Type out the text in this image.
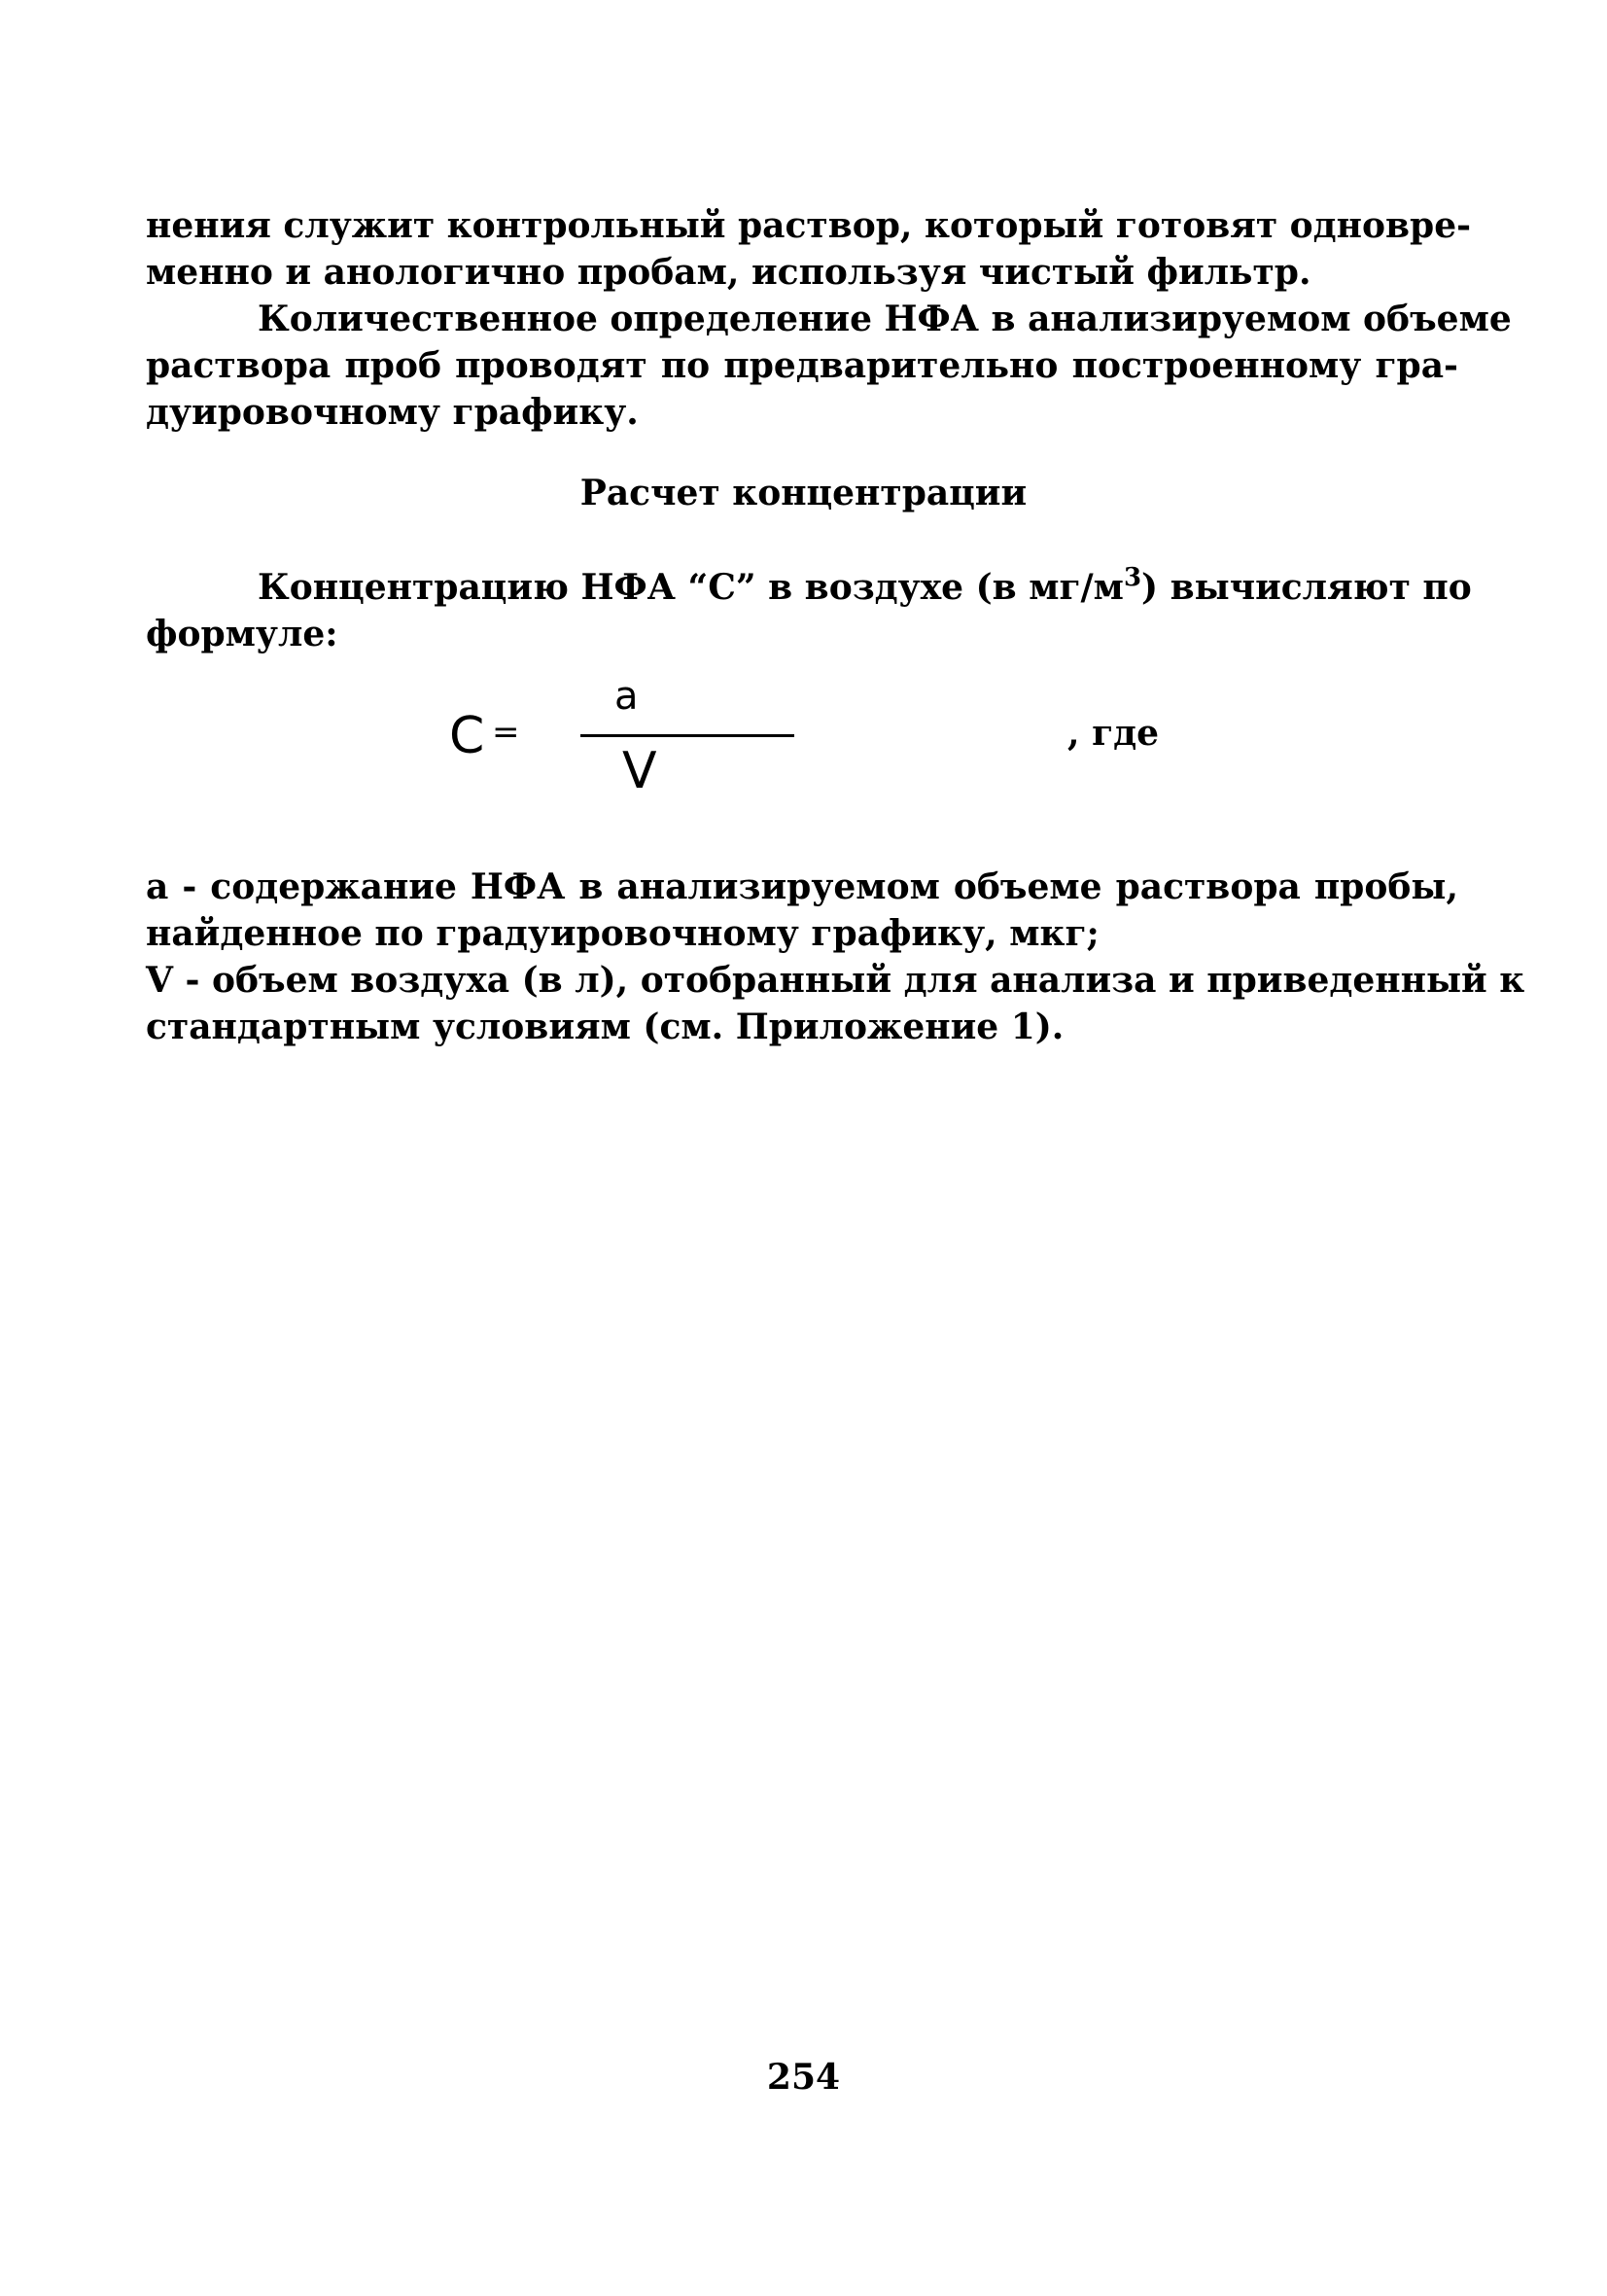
нения служит контрольный раствор, который готовят одновре-
менно и анологично пробам, используя чистый фильтр.
Количественное определение НФА в анализируемом объеме
раствора проб проводят по предварительно построенному гра-
дуировочному графику.
Расчет концентрации
Концентрацию НФА “С” в воздухе (в $мг/м^3$) вычисляют по
формуле:
C =
a
V
, где
а - содержание НФА в анализируемом объеме раствора пробы,
найденное по градуировочному графику, мкг;
V - объем воздуха (в л), отобранный для анализа и приведенный к
стандартным условиям (см. Приложение 1).
254
